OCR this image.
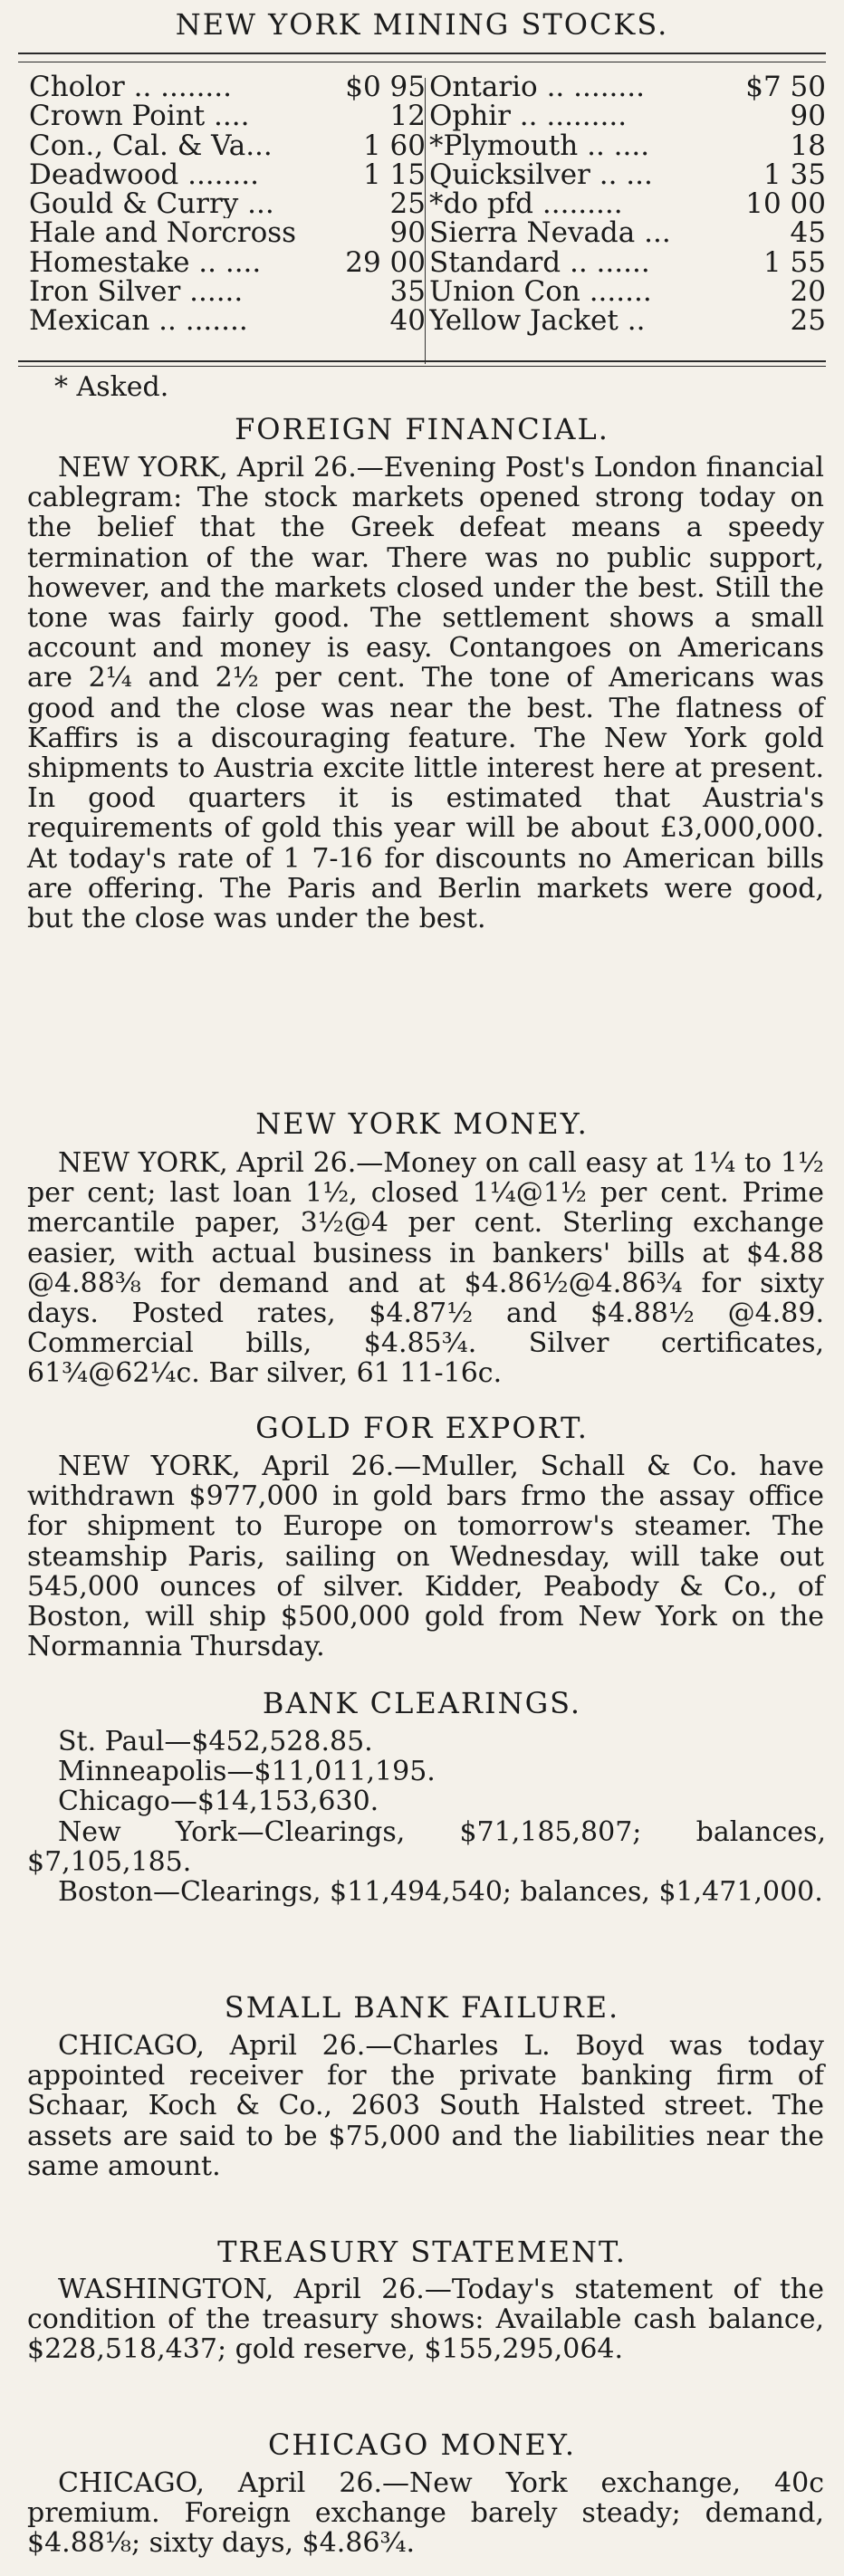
NEW YORK MINING STOCKS.
Cholor .. ........	$0 95
Crown Point ....	12
Con., Cal. & Va...	1 60
Deadwood ........	1 15
Gould & Curry ...	25
Hale and Norcross	90
Homestake .. ....	29 00
Iron Silver ......	35
Mexican .. .......	40
Ontario .. ........	$7 50
Ophir .. .........	90
*Plymouth .. ....	18
Quicksilver .. ...	1 35
*do pfd .........	10 00
Sierra Nevada ...	45
Standard .. ......	1 55
Union Con .......	20
Yellow Jacket ..	25
* Asked.
FOREIGN FINANCIAL.

NEW YORK, April 26.—Evening Post's London financial cablegram: The stock markets opened strong today on the belief that the Greek defeat means a speedy termination of the war. There was no public support, however, and the markets closed under the best. Still the tone was fairly good. The settlement shows a small account and money is easy. Contangoes on Americans are 2¼ and 2½ per cent. The tone of Americans was good and the close was near the best. The flatness of Kaffirs is a discouraging feature. The New York gold shipments to Austria excite little interest here at present. In good quarters it is estimated that Austria's requirements of gold this year will be about £3,000,000. At today's rate of 1 7-16 for discounts no American bills are offering. The Paris and Berlin markets were good, but the close was under the best.

NEW YORK MONEY.

NEW YORK, April 26.—Money on call easy at 1¼ to 1½ per cent; last loan 1½, closed 1¼@1½ per cent. Prime mercantile paper, 3½@4 per cent. Sterling exchange easier, with actual business in bankers' bills at $4.88 @4.88⅜ for demand and at $4.86½@4.86¾ for sixty days. Posted rates, $4.87½ and $4.88½ @4.89. Commercial bills, $4.85¾. Silver certificates, 61¾@62¼c. Bar silver, 61 11-16c.

GOLD FOR EXPORT.

NEW YORK, April 26.—Muller, Schall & Co. have withdrawn $977,000 in gold bars frmo the assay office for shipment to Europe on tomorrow's steamer. The steamship Paris, sailing on Wednesday, will take out 545,000 ounces of silver. Kidder, Peabody & Co., of Boston, will ship $500,000 gold from New York on the Normannia Thursday.

BANK CLEARINGS.
St. Paul—$452,528.85.
Minneapolis—$11,011,195.
Chicago—$14,153,630.
New York—Clearings, $71,185,807; balances, $7,105,185.
Boston—Clearings, $11,494,540; balances, $1,471,000.
SMALL BANK FAILURE.

CHICAGO, April 26.—Charles L. Boyd was today appointed receiver for the private banking firm of Schaar, Koch & Co., 2603 South Halsted street. The assets are said to be $75,000 and the liabilities near the same amount.

TREASURY STATEMENT.

WASHINGTON, April 26.—Today's statement of the condition of the treasury shows: Available cash balance, $228,518,437; gold reserve, $155,295,064.

CHICAGO MONEY.

CHICAGO, April 26.—New York exchange, 40c premium. Foreign exchange barely steady; demand, $4.88⅛; sixty days, $4.86¾.
